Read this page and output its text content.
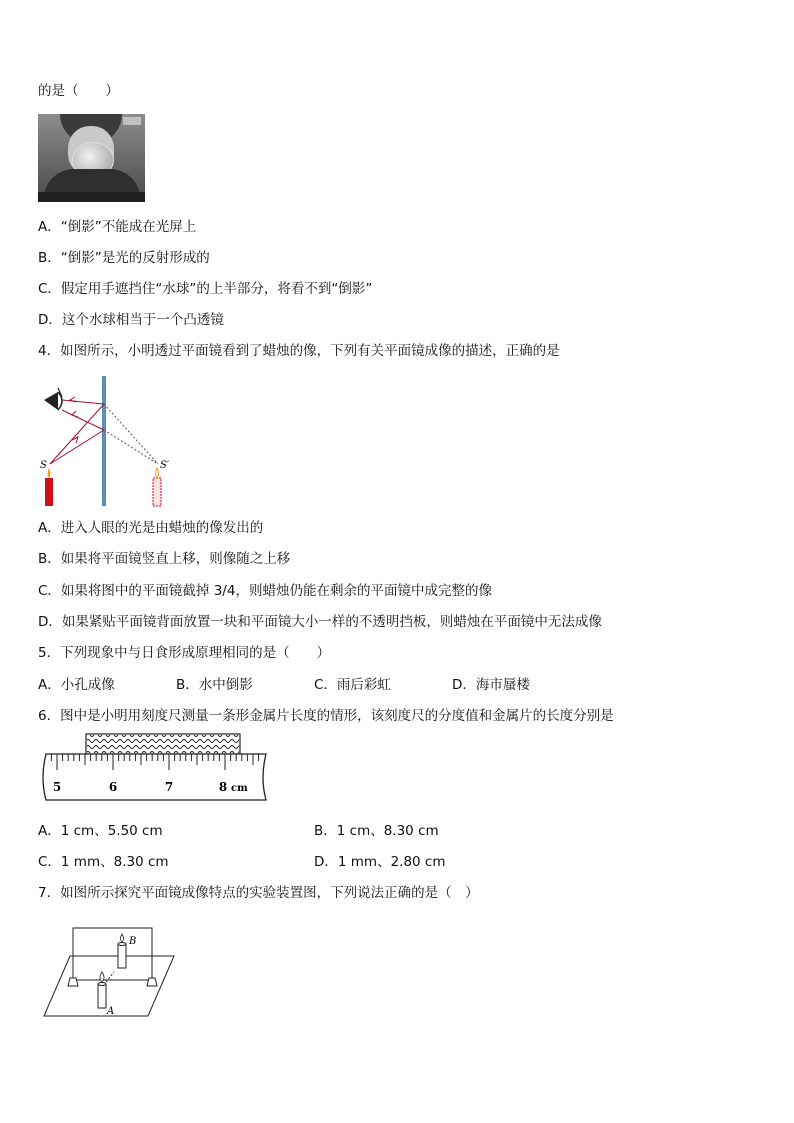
的是（　　）
A．“倒影”不能成在光屏上
B．“倒影”是光的反射形成的
C．假定用手遮挡住“水球”的上半部分，将看不到“倒影”
D．这个水球相当于一个凸透镜
4．如图所示，小明透过平面镜看到了蜡烛的像，下列有关平面镜成像的描述，正确的是
S	S′
A．进入人眼的光是由蜡烛的像发出的
B．如果将平面镜竖直上移，则像随之上移
C．如果将图中的平面镜截掉 3/4，则蜡烛仍能在剩余的平面镜中成完整的像
D．如果紧贴平面镜背面放置一块和平面镜大小一样的不透明挡板，则蜡烛在平面镜中无法成像
5．下列现象中与日食形成原理相同的是（　　）
A．小孔成像	B．水中倒影	C．雨后彩虹	D．海市蜃楼
6．图中是小明用刻度尺测量一条形金属片长度的情形，该刻度尺的分度值和金属片的长度分别是
5	6	7	8 cm
A．1 cm、5.50 cm	B．1 cm、8.30 cm
C．1 mm、8.30 cm	D．1 mm、2.80 cm
7．如图所示探究平面镜成像特点的实验装置图，下列说法正确的是（　）
B
A
